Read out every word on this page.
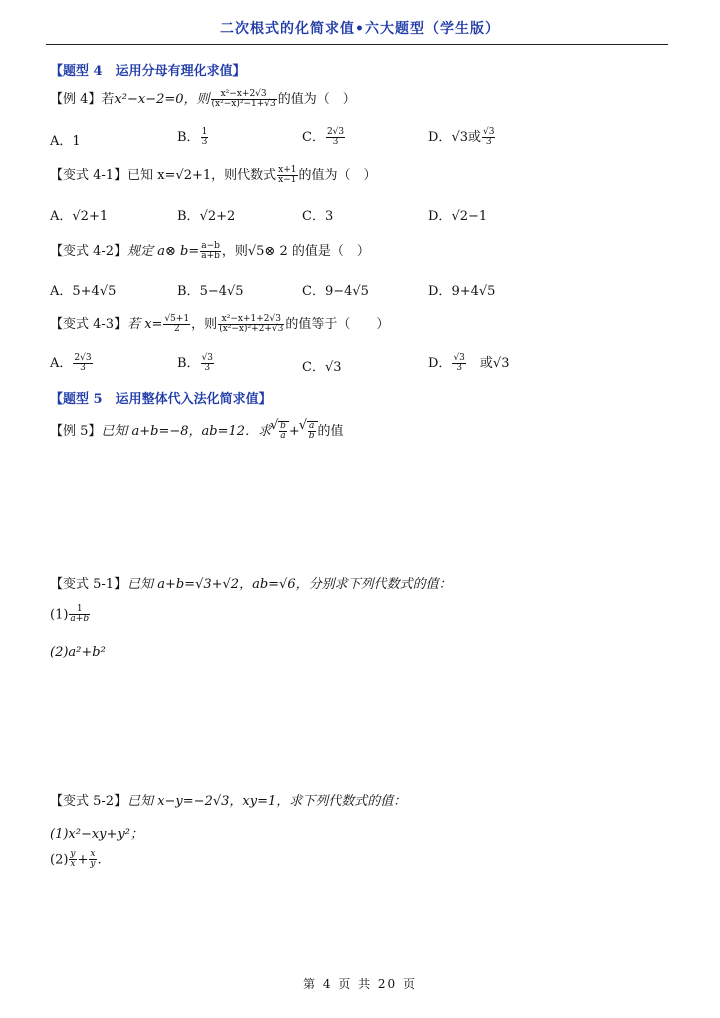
二次根式的化简求值•六大题型（学生版）
【题型 4　运用分母有理化求值】
【例 4】若x²−x−2=0，则 $\frac{\text{x²−x+2√3}}{\text{(x²−x)²−1+√3}}$ 的值为（　）
A．1	B． $\frac{1}{3}$	C． $\frac{2√3}{3}$	D．√3或 $\frac{√3}{3}$
【变式 4-1】已知 x=√2+1，则代数式 $\frac{x+1}{x-1}$ 的值为（　）
A．√2+1	B．√2+2	C．3	D．√2−1
【变式 4-2】规定 a⊗ $b= \frac{a-b}{a+b}$ ，则√5⊗ 2 的值是（　）
A．5+4√5	B．5−4√5	C．9−4√5	D．9+4√5
【变式 4-3】若 $x= \frac{√5+1}{2}$ ，则 $\frac{\text{x²−x+1+2√3}}{\text{(x²−x)²+2+√3}}$ 的值等于（　　）
A． $\frac{2√3}{3}$	B． $\frac{√3}{3}$	C．√3	D． $\frac{√3}{3}$ 　或√3
【题型 5　运用整体代入法化简求值】
【例 5】已知 a+b=−8，ab=12．求 √ $\frac{b}{a}$ + √ $\frac{a}{b}$ 的值
【变式 5-1】已知 a+b=√3+√2，ab=√6，分别求下列代数式的值：
$(1) \frac{1}{a+b}$
(2)a²+b²
【变式 5-2】已知 x−y=−2√3，xy=1，求下列代数式的值：
(1)x²−xy+y²；
$(2) \frac{y}{x} + \frac{x}{y}$ .
第 4 页 共 20 页
